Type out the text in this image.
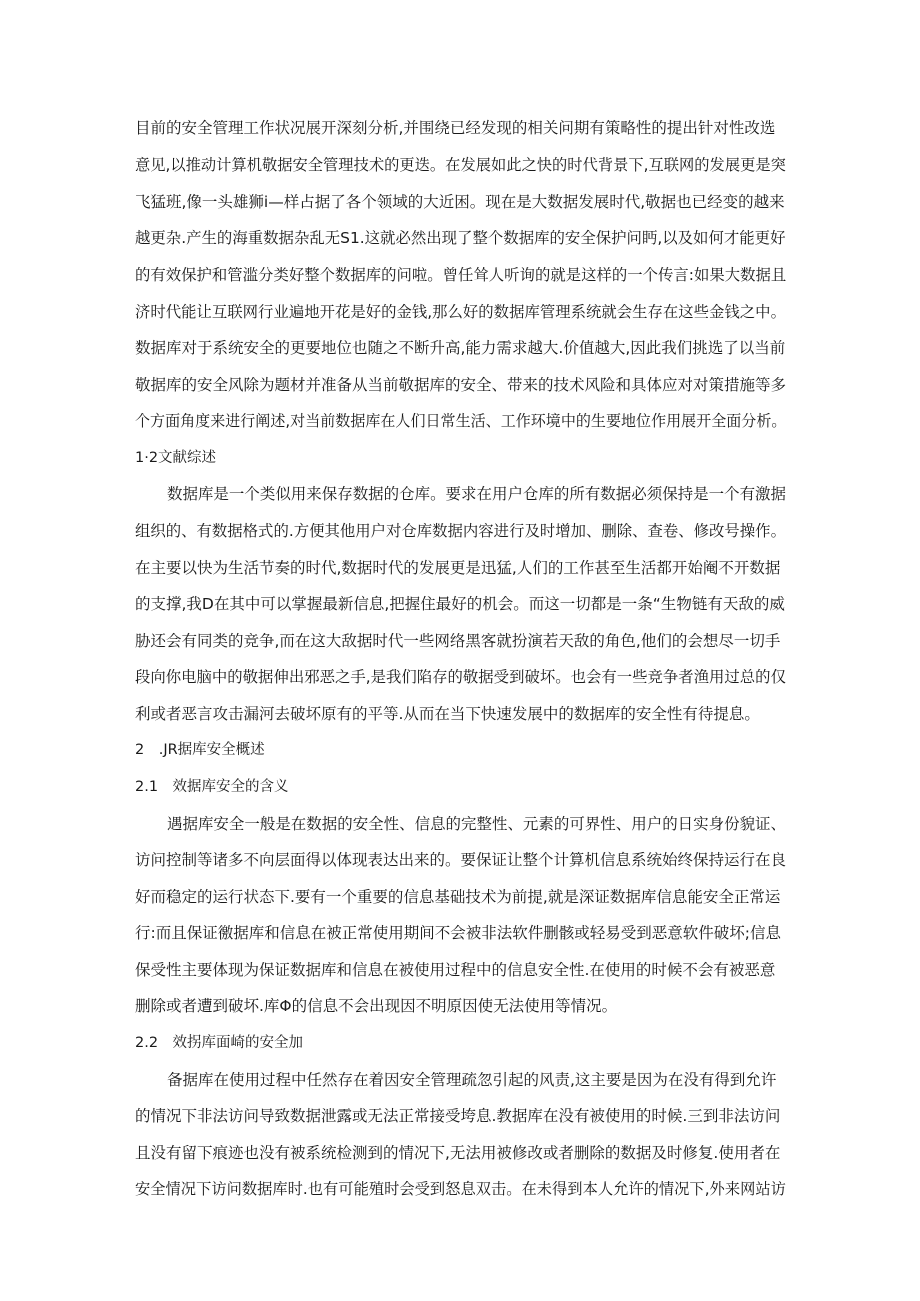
目前的安全管理工作状况展开深刻分析,并围绕已经发现的相关问期有策略性的提出针对性改选
意见,以推动计算机敬据安全管理技术的更迭。在发展如此之快的时代背景下,互联网的发展更是突
飞猛班,像一头雄狮i—样占据了各个领域的大近困。现在是大数据发展时代,敬据也已经变的越来
越更杂.产生的海重数据杂乱无S1.这就必然出现了整个数据库的安全保护问眄,以及如何才能更好
的有效保护和管滥分类好整个数据库的问啦。曾任耸人听询的就是这样的一个传言:如果大数据且
济时代能让互联网行业遍地开花是好的金钱,那么好的数据库管理系统就会生存在这些金钱之中。
数据库对于系统安全的更要地位也随之不断升高,能力需求越大.价值越大,因此我们挑选了以当前
敬据库的安全风除为题材并准备从当前敬据库的安全、带来的技术风险和具体应对对策措施等多
个方面角度来进行阐述,对当前数据库在人们日常生活、工作环境中的生要地位作用展开全面分析。
1·2文献综述
数据库是一个类似用来保存数据的仓库。要求在用户仓库的所有数据必须保持是一个有激据
组织的、有数据格式的.方便其他用户对仓库数据内容进行及时增加、删除、查卷、修改号操作。
在主要以快为生活节奏的时代,数据时代的发展更是迅猛,人们的工作甚至生活都开始阉不开数据
的支撑,我D在其中可以掌握最新信息,把握住最好的机会。而这一切都是一条“生物链有天敌的威
胁还会有同类的竞争,而在这大敌据时代一些网络黑客就扮演若天敌的角色,他们的会想尽一切手
段向你电脑中的敬据伸出邪恶之手,是我们陷存的敬据受到破坏。也会有一些竞争者渔用过总的仅
利或者恶言攻击漏河去破坏原有的平等.从而在当下快速发展中的数据库的安全性有待提息。
2　.JR据库安全概述
2.1　效据库安全的含义
遇据库安全一般是在数据的安全性、信息的完整性、元素的可界性、用户的日实身份貌证、
访问控制等诸多不向层面得以体现表达出来的。要保证让整个计算机信息系统始终保持运行在良
好而稳定的运行状态下.要有一个重要的信息基础技术为前提,就是深证数据库信息能安全正常运
行:而且保证徼据库和信息在被正常使用期间不会被非法软件删骸或轻易受到恶意软件破坏;信息
保受性主要体现为保证数据库和信息在被使用过程中的信息安全性.在使用的时候不会有被恶意
删除或者遭到破坏.库Φ的信息不会出现因不明原因使无法使用等情况。
2.2　效拐库面崎的安全加
备据库在使用过程中任然存在着因安全管理疏忽引起的风责,这主要是因为在没有得到允许
的情况下非法访问导致数据泄露或无法正常接受垮息.教据库在没有被使用的时候.三到非法访问
且没有留下痕迹也没有被系统检测到的情况下,无法用被修改或者删除的数据及时修复.使用者在
安全情况下访问数据库时.也有可能殖时会受到怒息双击。在未得到本人允许的情况下,外来网站访
